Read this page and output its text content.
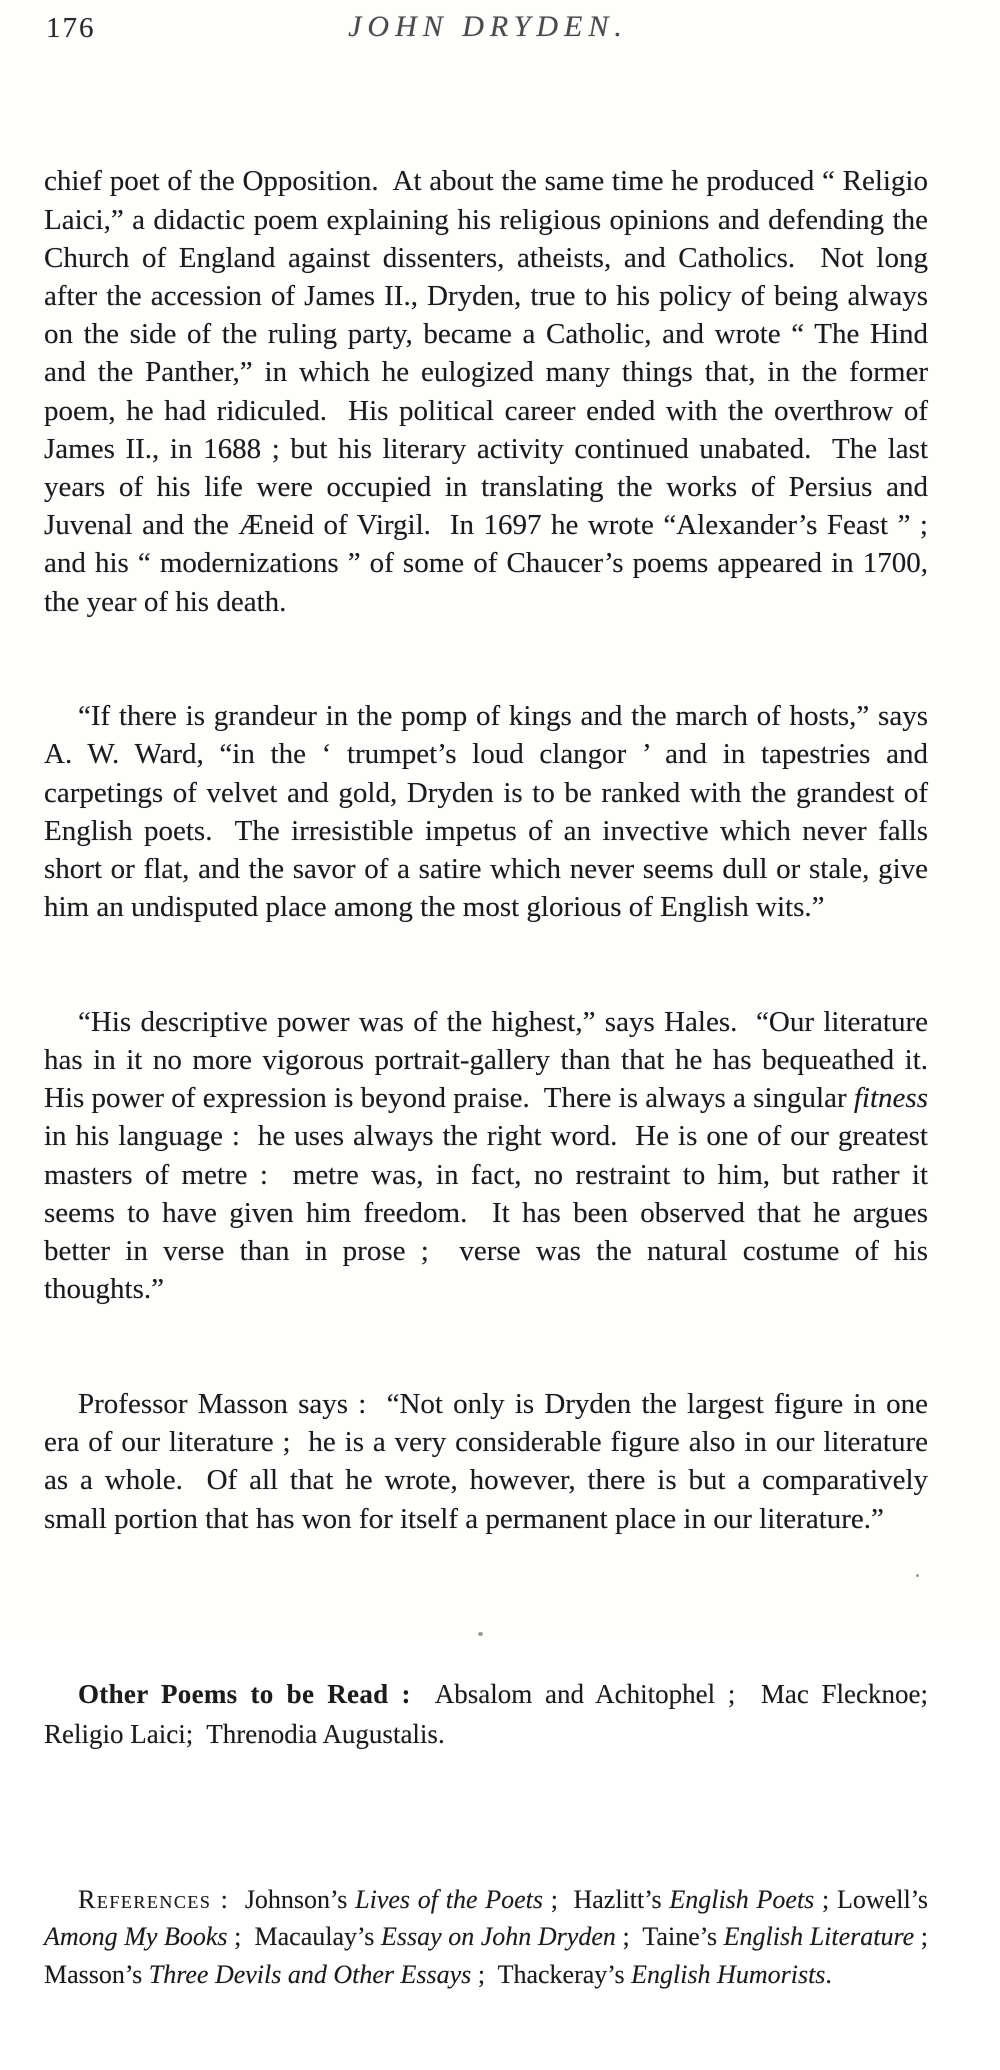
176	JOHN DRYDEN.

chief poet of the Opposition.  At about the same time he produced “ Religio Laici,” a didactic poem explaining his religious opinions and defending the Church of England against dissenters, atheists, and Catholics.  Not long after the accession of James II., Dryden, true to his policy of being always on the side of the ruling party, became a Catholic, and wrote “ The Hind and the Panther,” in which he eulogized many things that, in the former poem, he had ridiculed.  His political career ended with the overthrow of James II., in 1688 ; but his literary activity continued unabated.  The last years of his life were occupied in translating the works of Persius and Juvenal and the Æneid of Virgil.  In 1697 he wrote “Alexander’s Feast ” ; and his “ modernizations ” of some of Chaucer’s poems appeared in 1700, the year of his death.

“If there is grandeur in the pomp of kings and the march of hosts,” says A. W. Ward, “in the ‘ trumpet’s loud clangor ’ and in tapestries and carpetings of velvet and gold, Dryden is to be ranked with the grandest of English poets.  The irresistible impetus of an invective which never falls short or flat, and the savor of a satire which never seems dull or stale, give him an undisputed place among the most glorious of English wits.”

“His descriptive power was of the highest,” says Hales.  “Our literature has in it no more vigorous portrait-gallery than that he has bequeathed it.  His power of expression is beyond praise.  There is always a singular fitness in his language :  he uses always the right word.  He is one of our greatest masters of metre :  metre was, in fact, no restraint to him, but rather it seems to have given him freedom.  It has been observed that he argues better in verse than in prose ;  verse was the natural costume of his thoughts.”

Professor Masson says :  “Not only is Dryden the largest figure in one era of our literature ;  he is a very considerable figure also in our literature as a whole.  Of all that he wrote, however, there is but a comparatively small portion that has won for itself a permanent place in our literature.”

Other Poems to be Read :  Absalom and Achitophel ;  Mac Flecknoe; Religio Laici;  Threnodia Augustalis.

References :  Johnson’s Lives of the Poets ;  Hazlitt’s English Poets ; Lowell’s Among My Books ;  Macaulay’s Essay on John Dryden ;  Taine’s English Literature ;  Masson’s Three Devils and Other Essays ;  Thackeray’s English Humorists.
